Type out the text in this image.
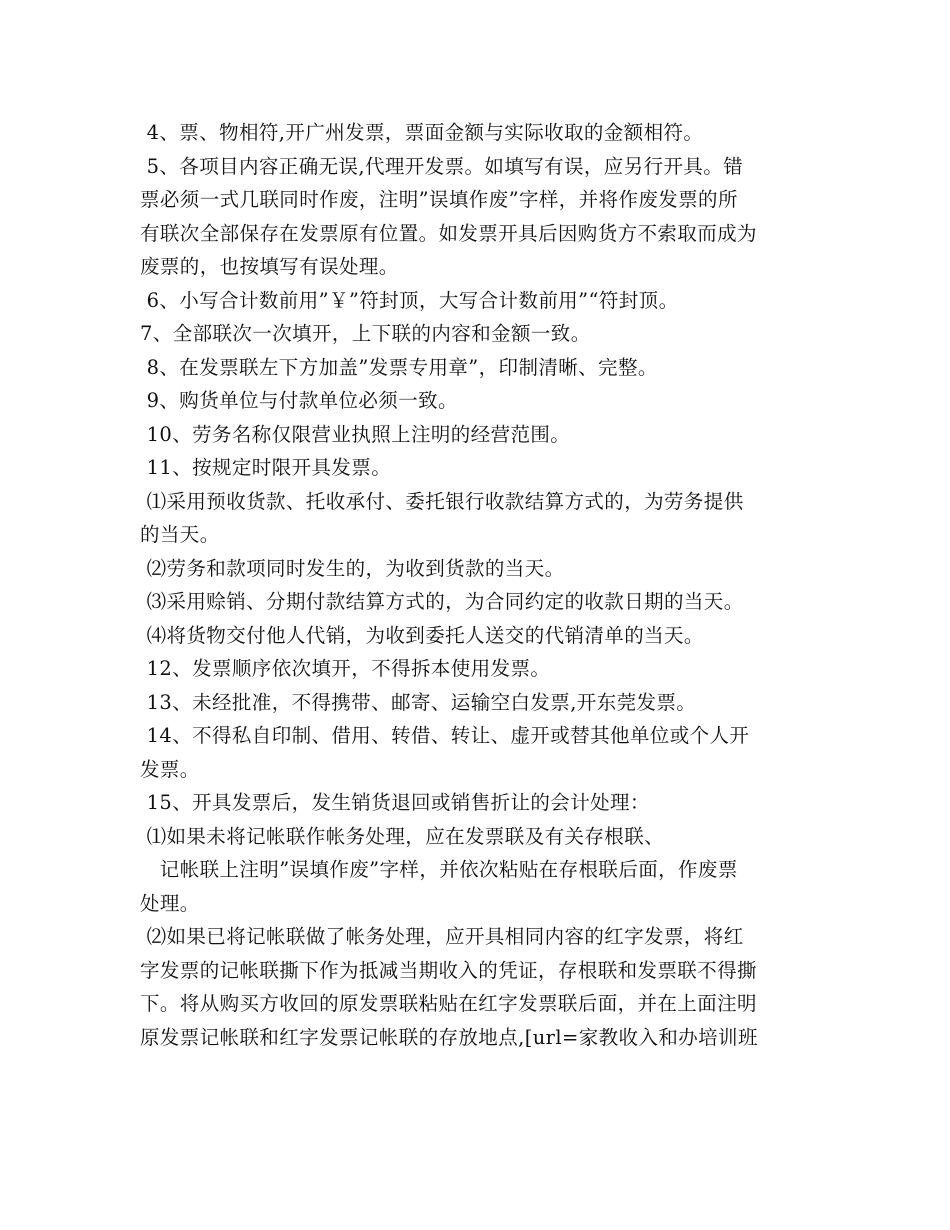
4、票、物相符,开广州发票，票面金额与实际收取的金额相符。

5、各项目内容正确无误,代理开发票。如填写有误，应另行开具。错

票必须一式几联同时作废，注明”误填作废”字样，并将作废发票的所

有联次全部保存在发票原有位置。如发票开具后因购货方不索取而成为

废票的，也按填写有误处理。

6、小写合计数前用”￥”符封顶，大写合计数前用”“符封顶。

7、全部联次一次填开，上下联的内容和金额一致。

8、在发票联左下方加盖”发票专用章”，印制清晰、完整。

9、购货单位与付款单位必须一致。

10、劳务名称仅限营业执照上注明的经营范围。

11、按规定时限开具发票。

⑴采用预收货款、托收承付、委托银行收款结算方式的，为劳务提供

的当天。

⑵劳务和款项同时发生的，为收到货款的当天。

⑶采用赊销、分期付款结算方式的，为合同约定的收款日期的当天。

⑷将货物交付他人代销，为收到委托人送交的代销清单的当天。

12、发票顺序依次填开，不得拆本使用发票。

13、未经批准，不得携带、邮寄、运输空白发票,开东莞发票。

14、不得私自印制、借用、转借、转让、虚开或替其他单位或个人开

发票。

15、开具发票后，发生销货退回或销售折让的会计处理：

⑴如果未将记帐联作帐务处理，应在发票联及有关存根联、

记帐联上注明”误填作废”字样，并依次粘贴在存根联后面，作废票

处理。

⑵如果已将记帐联做了帐务处理，应开具相同内容的红字发票，将红

字发票的记帐联撕下作为抵减当期收入的凭证，存根联和发票联不得撕

下。将从购买方收回的原发票联粘贴在红字发票联后面，并在上面注明

原发票记帐联和红字发票记帐联的存放地点,[url=家教收入和办培训班
